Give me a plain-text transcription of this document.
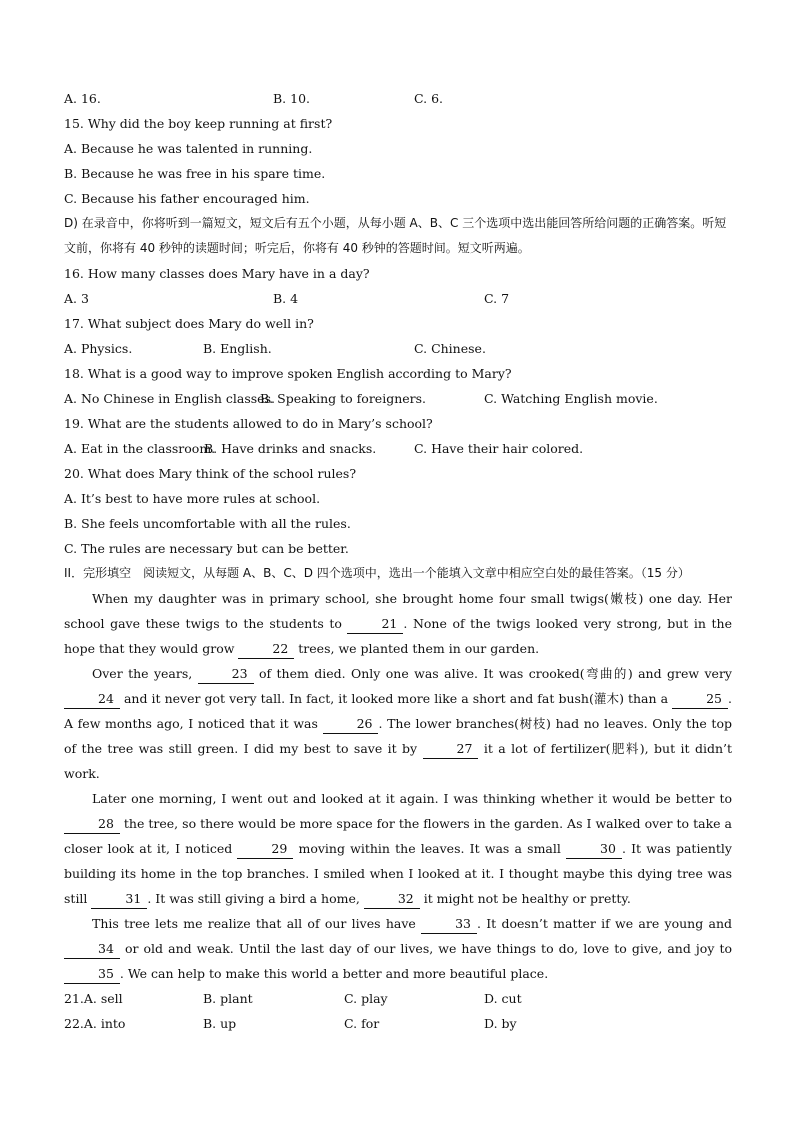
A. 16.	B. 10.	C. 6.
15. Why did the boy keep running at first?
A. Because he was talented in running.
B. Because he was free in his spare time.
C. Because his father encouraged him.
D) 在录音中，你将听到一篇短文，短文后有五个小题，从每小题 A、B、C 三个选项中选出能回答所给问题的正确答案。听短文前，你将有 40 秒钟的读题时间；听完后，你将有 40 秒钟的答题时间。短文听两遍。
16. How many classes does Mary have in a day?
A. 3	B. 4	C. 7
17. What subject does Mary do well in?
A. Physics.	B. English.	C. Chinese.
18. What is a good way to improve spoken English according to Mary?
A. No Chinese in English classes.
B. Speaking to foreigners.	C. Watching English movie.
19. What are the students allowed to do in Mary’s school?
A. Eat in the classroom.
B. Have drinks and snacks.	C. Have their hair colored.
20. What does Mary think of the school rules?
A. It’s best to have more rules at school.
B. She feels uncomfortable with all the rules.
C. The rules are necessary but can be better.
II．完形填空　阅读短文，从每题 A、B、C、D 四个选项中，选出一个能填入文章中相应空白处的最佳答案。（15 分）
When my daughter was in primary school, she brought home four small twigs(嫩枝) one day. Her school gave these twigs to the students to	21 . None of the twigs looked very strong, but in the hope that they would grow	22 trees, we planted them in our garden.
Over the years,	23 of them died. Only one was alive. It was crooked(弯曲的) and grew very 24 and it never got very tall. In fact, it looked more like a short and fat bush(灌木) than a	25 . A few months ago, I noticed that it was	26 . The lower branches(树枝) had no leaves. Only the top of the tree was still green. I did my best to save it by	27 it a lot of fertilizer(肥料), but it didn’t work.
Later one morning, I went out and looked at it again. I was thinking whether it would be better to 28 the tree, so there would be more space for the flowers in the garden. As I walked over to take a closer look at it, I noticed	29 moving within the leaves. It was a small	30 . It was patiently building its home in the top branches. I smiled when I looked at it. I thought maybe this dying tree was still	31 . It was still giving a bird a home,	32 it might not be healthy or pretty.
This tree lets me realize that all of our lives have	33 . It doesn’t matter if we are young and 34 or old and weak. Until the last day of our lives, we have things to do, love to give, and joy to 35 . We can help to make this world a better and more beautiful place.
21.A. sell	B. plant	C. play	D. cut
22.A. into	B. up	C. for	D. by
